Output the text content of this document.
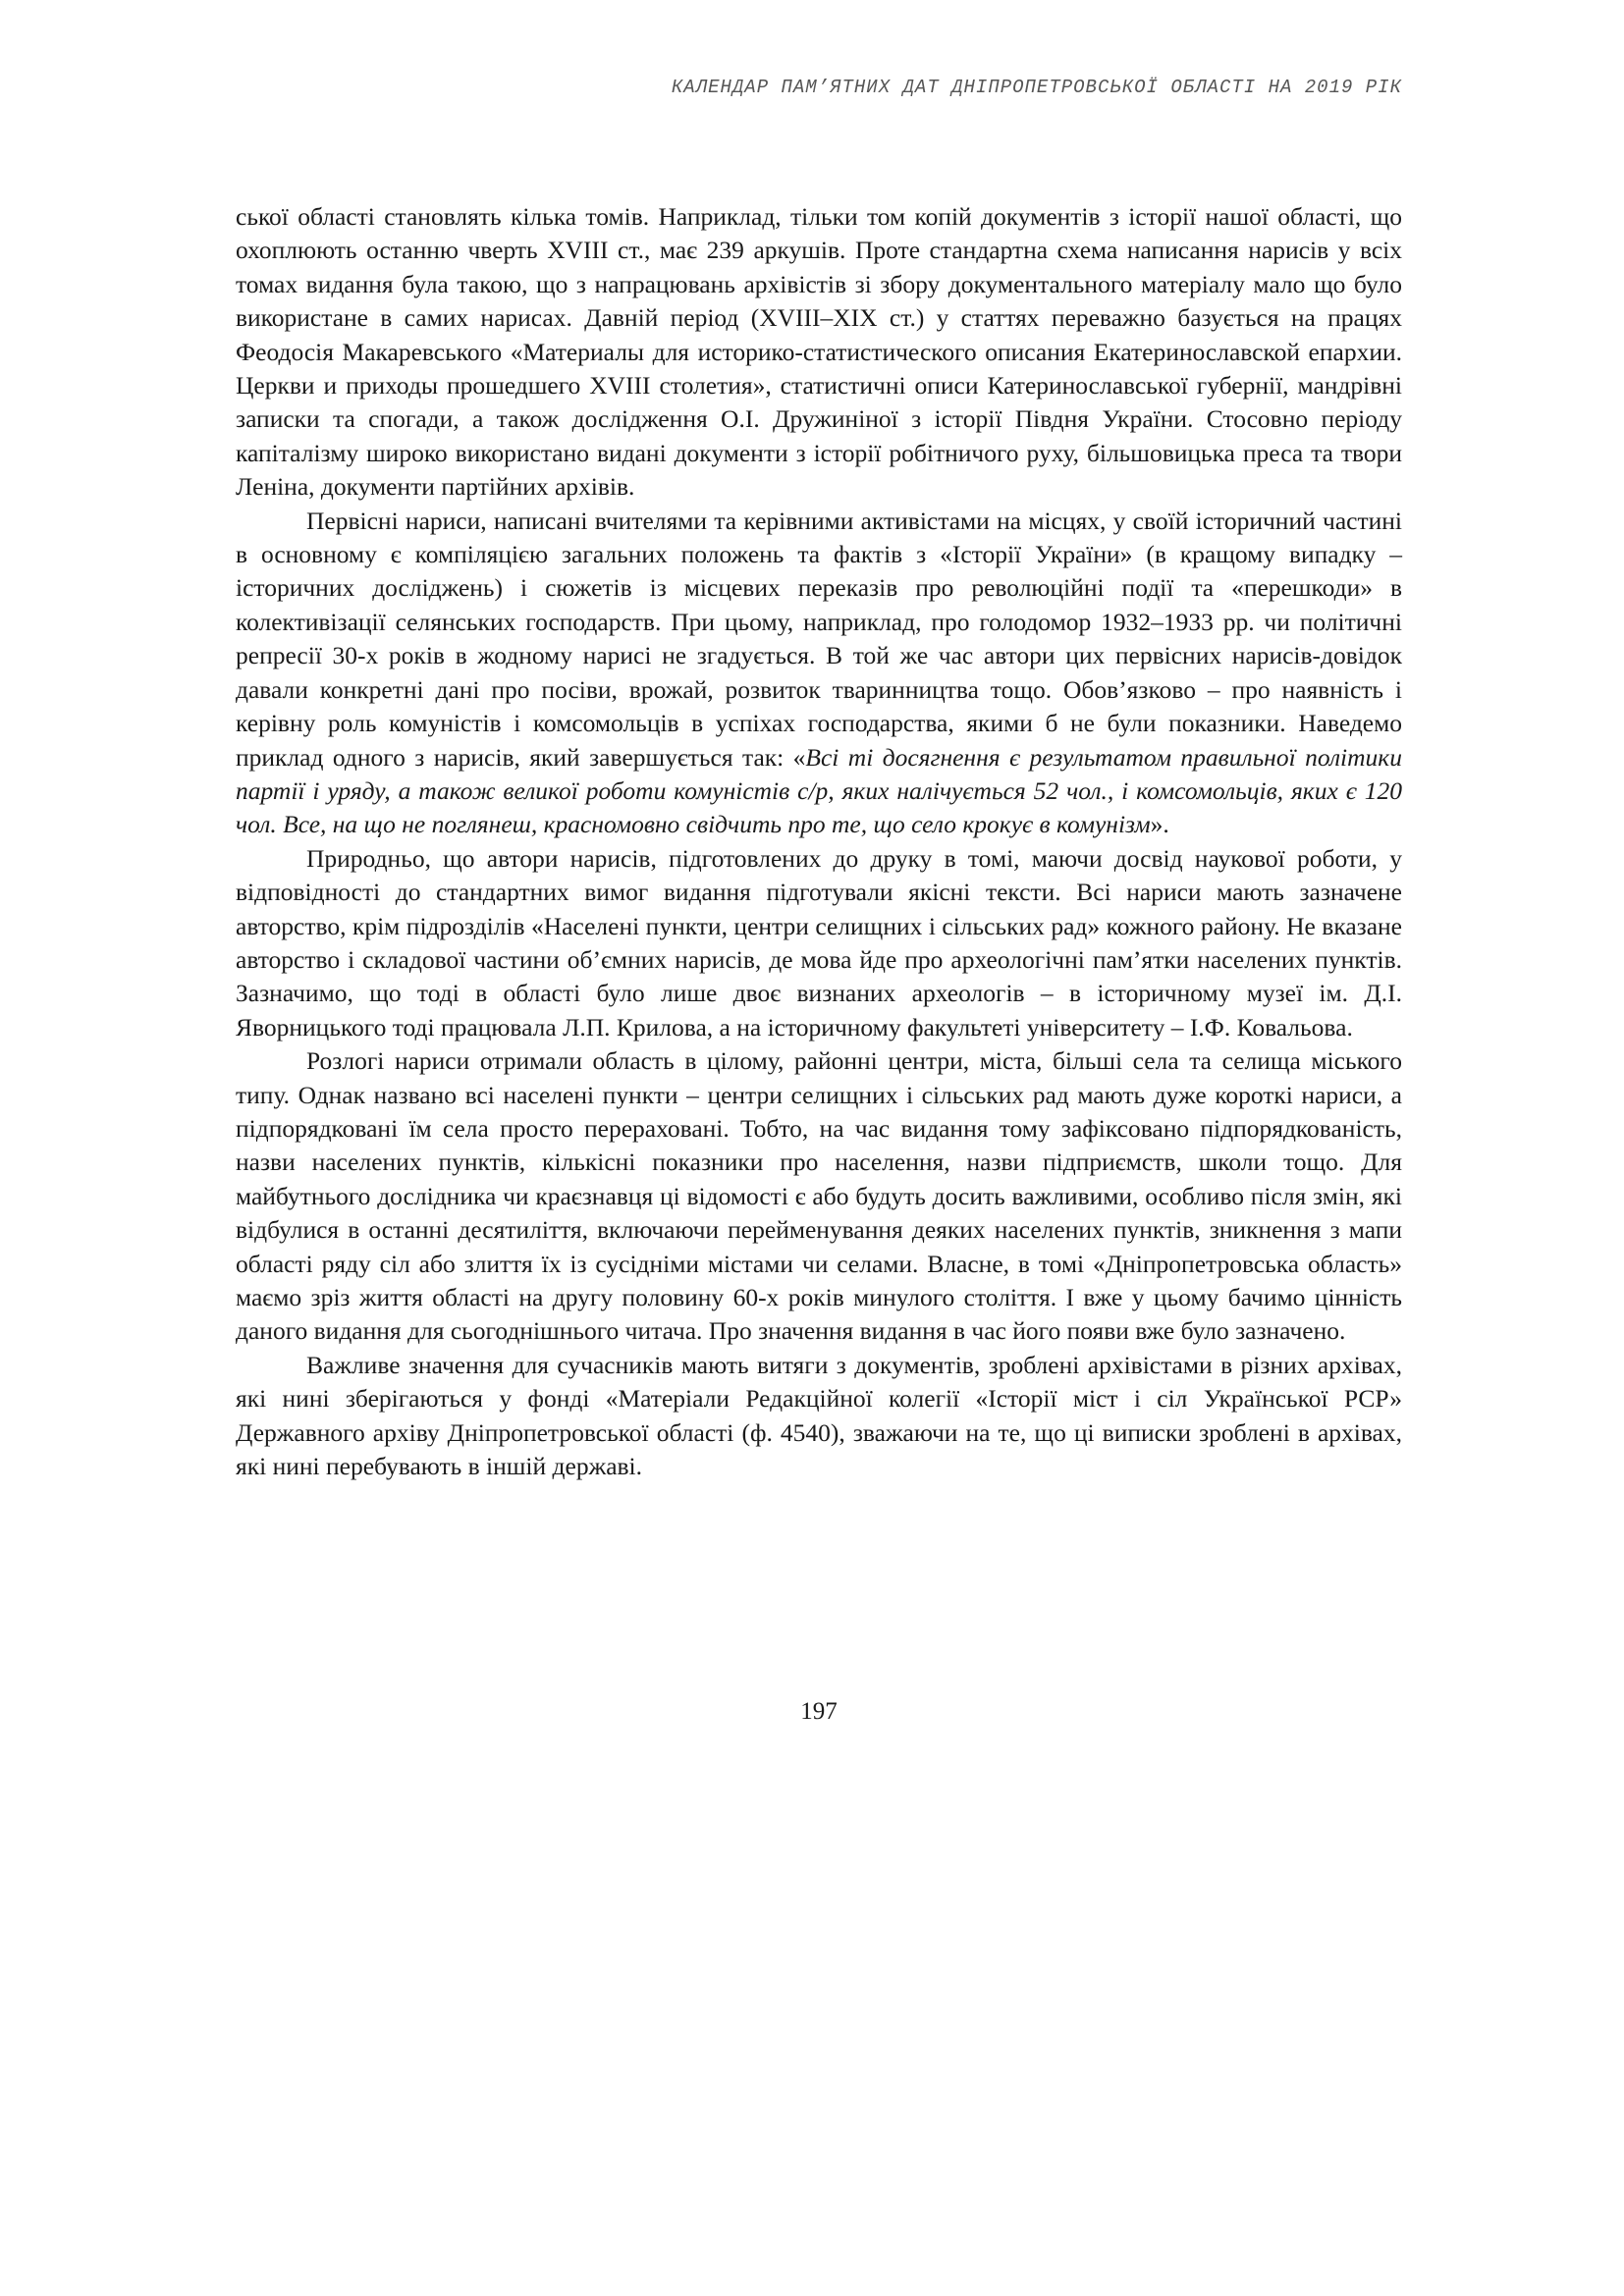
КАЛЕНДАР ПАМ’ЯТНИХ ДАТ ДНІПРОПЕТРОВСЬКОЇ ОБЛАСТІ НА 2019 РІК

ської області становлять кілька томів. Наприклад, тільки том копій документів з історії нашої області, що охоплюють останню чверть XVIII ст., має 239 аркушів. Проте стандартна схема написання нарисів у всіх томах видання була такою, що з напрацювань архівістів зі збору документального матеріалу мало що було використане в самих нарисах. Давній період (XVIII–XIX ст.) у статтях переважно базується на працях Феодосія Макаревського «Материалы для историко-статистического описания Екатеринославской епархии. Церкви и приходы прошедшего XVIII столетия», статистичні описи Катеринославської губернії, мандрівні записки та спогади, а також дослідження О.І. Дружиніної з історії Півдня України. Стосовно періоду капіталізму широко використано видані документи з історії робітничого руху, більшовицька преса та твори Леніна, документи партійних архівів.

Первісні нариси, написані вчителями та керівними активістами на місцях, у своїй історичний частині в основному є компіляцією загальних положень та фактів з «Історії України» (в кращому випадку – історичних досліджень) і сюжетів із місцевих переказів про революційні події та «перешкоди» в колективізації селянських господарств. При цьому, наприклад, про голодомор 1932–1933 рр. чи політичні репресії 30-х років в жодному нарисі не згадується. В той же час автори цих первісних нарисів-довідок давали конкретні дані про посіви, врожай, розвиток тваринництва тощо. Обов’язково – про наявність і керівну роль комуністів і комсомольців в успіхах господарства, якими б не були показники. Наведемо приклад одного з нарисів, який завершується так: «Всі ті досягнення є результатом правильної політики партії і уряду, а також великої роботи комуністів с/р, яких налічується 52 чол., і комсомольців, яких є 120 чол. Все, на що не поглянеш, красномовно свідчить про те, що село крокує в комунізм».

Природньо, що автори нарисів, підготовлених до друку в томі, маючи досвід наукової роботи, у відповідності до стандартних вимог видання підготували якісні тексти. Всі нариси мають зазначене авторство, крім підрозділів «Населені пункти, центри селищних і сільських рад» кожного району. Не вказане авторство і складової частини об’ємних нарисів, де мова йде про археологічні пам’ятки населених пунктів. Зазначимо, що тоді в області було лише двоє визнаних археологів – в історичному музеї ім. Д.І. Яворницького тоді працювала Л.П. Крилова, а на історичному факультеті університету – І.Ф. Ковальова.

Розлогі нариси отримали область в цілому, районні центри, міста, більші села та селища міського типу. Однак названо всі населені пункти – центри селищних і сільських рад мають дуже короткі нариси, а підпорядковані їм села просто перераховані. Тобто, на час видання тому зафіксовано підпорядкованість, назви населених пунктів, кількісні показники про населення, назви підприємств, школи тощо. Для майбутнього дослідника чи краєзнавця ці відомості є або будуть досить важливими, особливо після змін, які відбулися в останні десятиліття, включаючи перейменування деяких населених пунктів, зникнення з мапи області ряду сіл або злиття їх із сусідніми містами чи селами. Власне, в томі «Дніпропетровська область» маємо зріз життя області на другу половину 60-х років минулого століття. І вже у цьому бачимо цінність даного видання для сьогоднішнього читача. Про значення видання в час його появи вже було зазначено.

Важливе значення для сучасників мають витяги з документів, зроблені архівістами в різних архівах, які нині зберігаються у фонді «Матеріали Редакційної колегії «Історії міст і сіл Української РСР» Державного архіву Дніпропетровської області (ф. 4540), зважаючи на те, що ці виписки зроблені в архівах, які нині перебувають в іншій державі.

197
